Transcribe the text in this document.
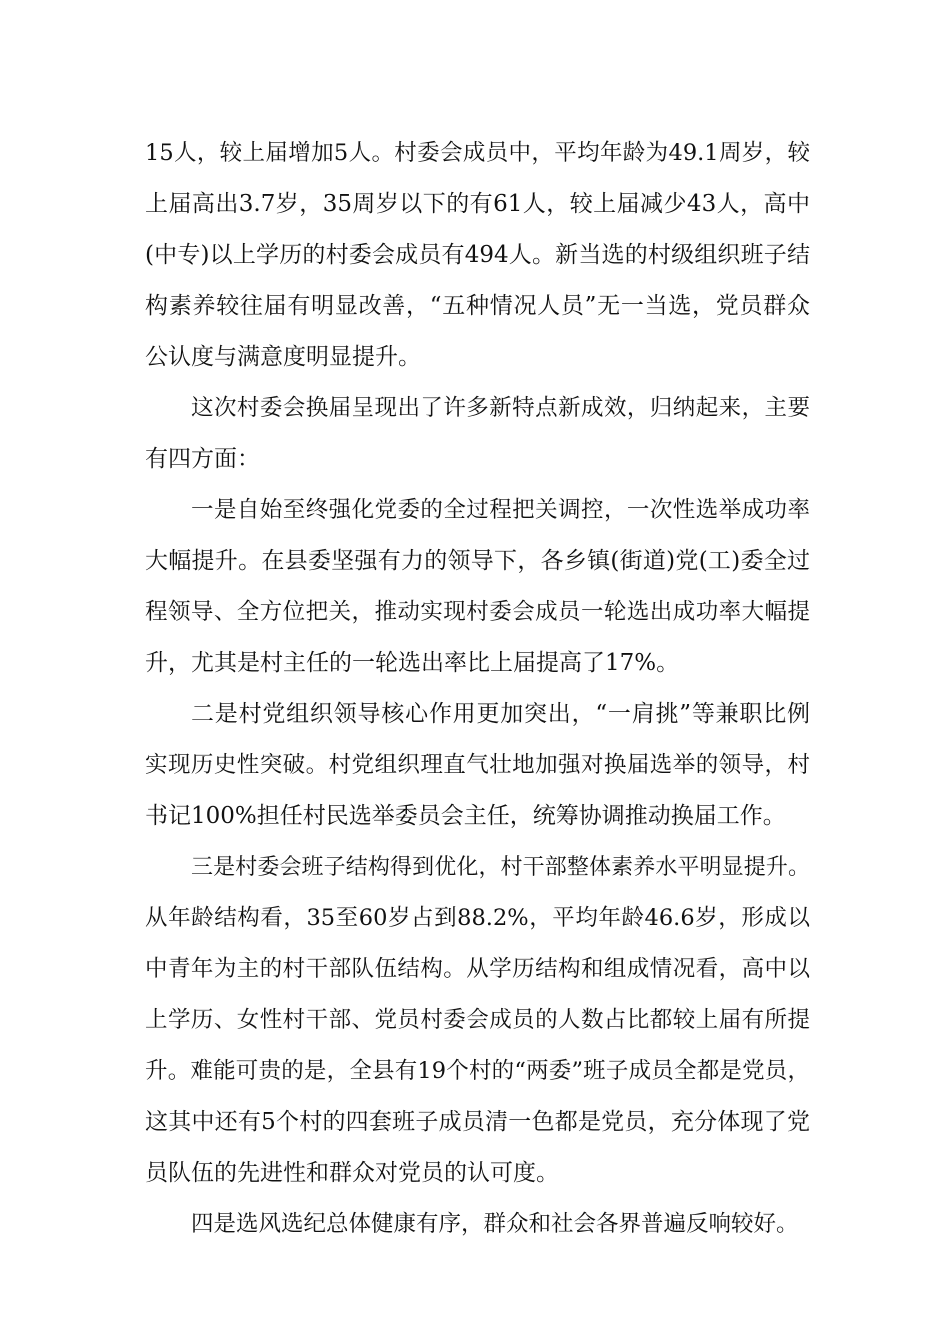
15人，较上届增加5人。村委会成员中，平均年龄为49.1周岁，较
上届高出3.7岁，35周岁以下的有61人，较上届减少43人，高中
(中专)以上学历的村委会成员有494人。新当选的村级组织班子结
构素养较往届有明显改善，“五种情况人员”无一当选，党员群众
公认度与满意度明显提升。
这次村委会换届呈现出了许多新特点新成效，归纳起来，主要
有四方面：
一是自始至终强化党委的全过程把关调控，一次性选举成功率
大幅提升。在县委坚强有力的领导下，各乡镇(街道)党(工)委全过
程领导、全方位把关，推动实现村委会成员一轮选出成功率大幅提
升，尤其是村主任的一轮选出率比上届提高了17%。
二是村党组织领导核心作用更加突出，“一肩挑”等兼职比例
实现历史性突破。村党组织理直气壮地加强对换届选举的领导，村
书记100%担任村民选举委员会主任，统筹协调推动换届工作。
三是村委会班子结构得到优化，村干部整体素养水平明显提升。
从年龄结构看，35至60岁占到88.2%，平均年龄46.6岁，形成以
中青年为主的村干部队伍结构。从学历结构和组成情况看，高中以
上学历、女性村干部、党员村委会成员的人数占比都较上届有所提
升。难能可贵的是，全县有19个村的“两委”班子成员全都是党员，
这其中还有5个村的四套班子成员清一色都是党员，充分体现了党
员队伍的先进性和群众对党员的认可度。
四是选风选纪总体健康有序，群众和社会各界普遍反响较好。
